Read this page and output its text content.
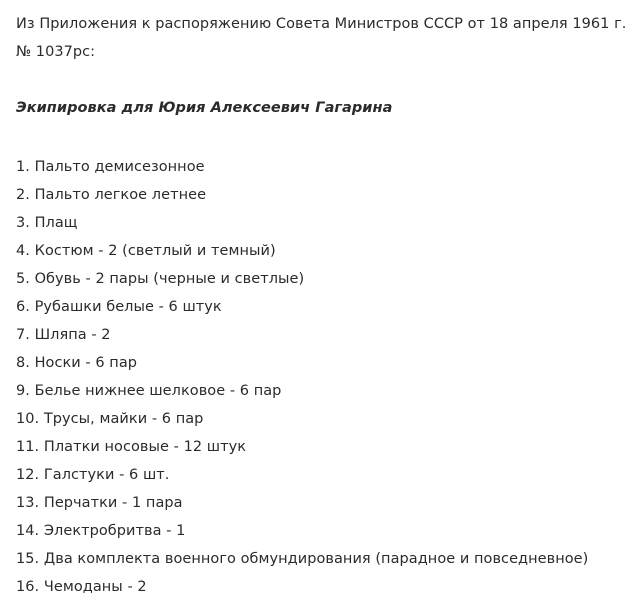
Из Приложения к распоряжению Совета Министров СССР от 18 апреля 1961 г. № 1037рс:

Экипировка для Юрия Алексеевич Гагарина

1. Пальто демисезонное
2. Пальто легкое летнее
3. Плащ
4. Костюм - 2 (светлый и темный)
5. Обувь - 2 пары (черные и светлые)
6. Рубашки белые - 6 штук
7. Шляпа - 2
8. Носки - 6 пар
9. Белье нижнее шелковое - 6 пар
10. Трусы, майки - 6 пар
11. Платки носовые - 12 штук
12. Галстуки - 6 шт.
13. Перчатки - 1 пара
14. Электробритва - 1
15. Два комплекта военного обмундирования (парадное и повседневное)
16. Чемоданы - 2
